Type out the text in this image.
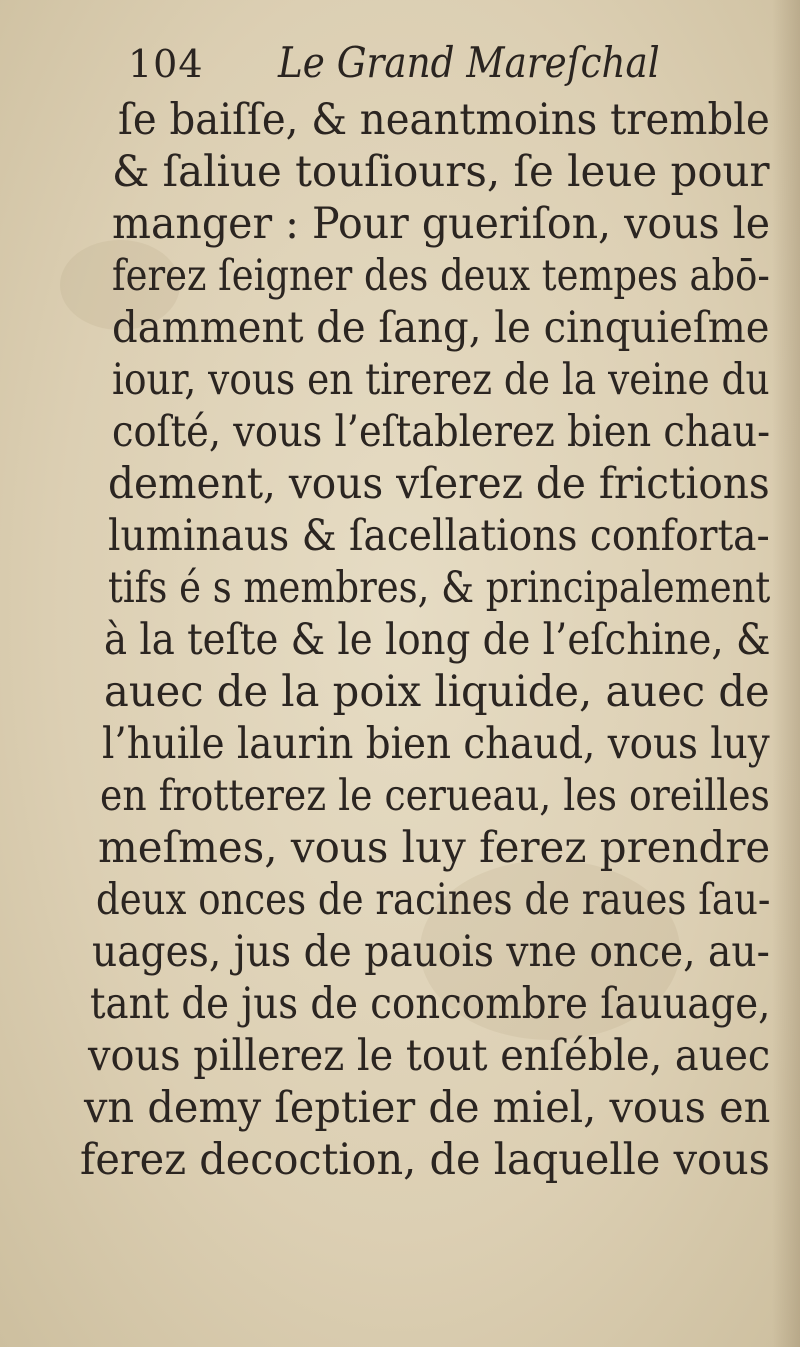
104 Le Grand Mareſchal
ſe baiſſe, & neantmoins tremble
& ſaliue touſiours, ſe leue pour
manger : Pour gueriſon, vous le
ferez ſeigner des deux tempes abō-
damment de ſang, le cinquieſme
iour, vous en tirerez de la veine du
coſté, vous l’eſtablerez bien chau-
dement, vous vſerez de frictions
luminaus & ſacellations conforta-
tifs é s membres, & principalement
à la teſte & le long de l’eſchine, &
auec de la poix liquide, auec de
l’huile laurin bien chaud, vous luy
en frotterez le cerueau, les oreilles
meſmes, vous luy ferez prendre
deux onces de racines de raues ſau-
uages, jus de pauois vne once, au-
tant de jus de concombre ſauuage,
vous pillerez le tout enſéble, auec
vn demy ſeptier de miel, vous en
ferez decoction, de laquelle vous
